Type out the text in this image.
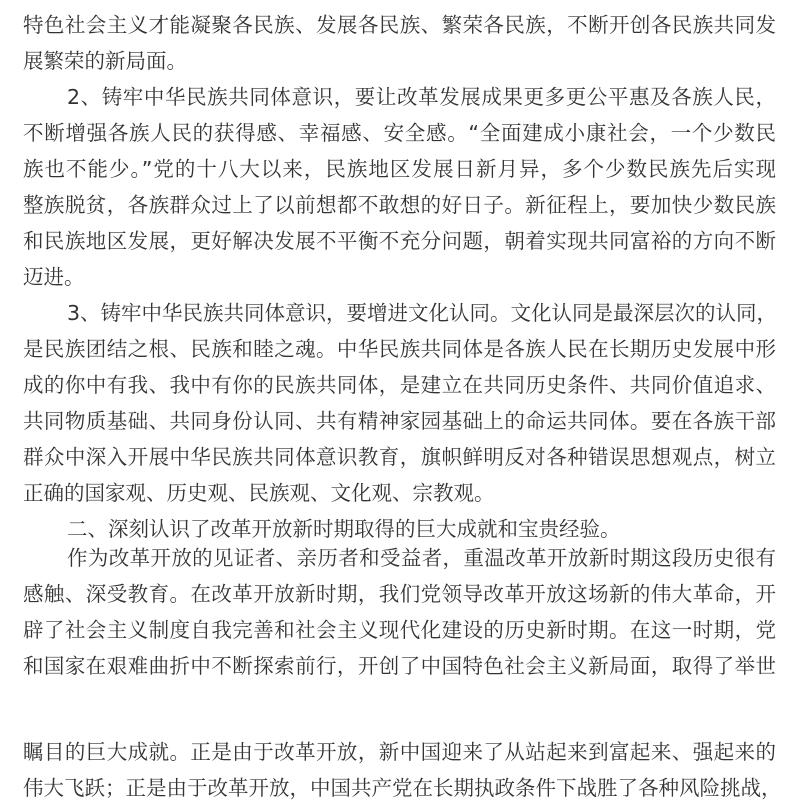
特色社会主义才能凝聚各民族、发展各民族、繁荣各民族，不断开创各民族共同发
展繁荣的新局面。
2、铸牢中华民族共同体意识，要让改革发展成果更多更公平惠及各族人民，
不断增强各族人民的获得感、幸福感、安全感。“全面建成小康社会，一个少数民
族也不能少。”党的十八大以来，民族地区发展日新月异，多个少数民族先后实现
整族脱贫，各族群众过上了以前想都不敢想的好日子。新征程上，要加快少数民族
和民族地区发展，更好解决发展不平衡不充分问题，朝着实现共同富裕的方向不断
迈进。
3、铸牢中华民族共同体意识，要增进文化认同。文化认同是最深层次的认同，
是民族团结之根、民族和睦之魂。中华民族共同体是各族人民在长期历史发展中形
成的你中有我、我中有你的民族共同体，是建立在共同历史条件、共同价值追求、
共同物质基础、共同身份认同、共有精神家园基础上的命运共同体。要在各族干部
群众中深入开展中华民族共同体意识教育，旗帜鲜明反对各种错误思想观点，树立
正确的国家观、历史观、民族观、文化观、宗教观。
二、深刻认识了改革开放新时期取得的巨大成就和宝贵经验。
作为改革开放的见证者、亲历者和受益者，重温改革开放新时期这段历史很有
感触、深受教育。在改革开放新时期，我们党领导改革开放这场新的伟大革命，开
辟了社会主义制度自我完善和社会主义现代化建设的历史新时期。在这一时期，党
和国家在艰难曲折中不断探索前行，开创了中国特色社会主义新局面，取得了举世
瞩目的巨大成就。正是由于改革开放，新中国迎来了从站起来到富起来、强起来的
伟大飞跃；正是由于改革开放，中国共产党在长期执政条件下战胜了各种风险挑战，
